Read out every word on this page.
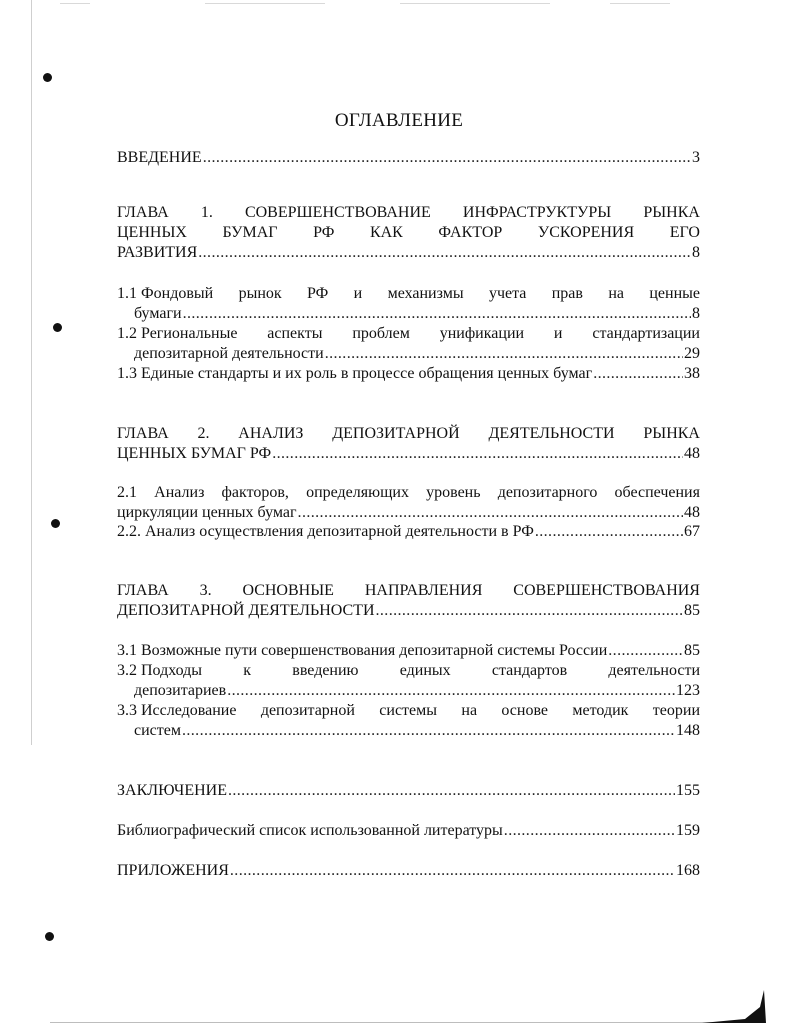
ОГЛАВЛЕНИЕ
ВВЕДЕНИЕ .....	3
ГЛАВА 1. СОВЕРШЕНСТВОВАНИЕ ИНФРАСТРУКТУРЫ РЫНКА
ЦЕННЫХ БУМАГ РФ КАК ФАКТОР УСКОРЕНИЯ ЕГО
РАЗВИТИЯ .....	8
1.1 Фондовый рынок РФ и механизмы учета прав на ценные
бумаги .....	8
1.2 Региональные аспекты проблем унификации и стандартизации
депозитарной деятельности .....	29
1.3 Единые стандарты и их роль в процессе обращения ценных бумаг .....	38
ГЛАВА 2. АНАЛИЗ ДЕПОЗИТАРНОЙ ДЕЯТЕЛЬНОСТИ РЫНКА
ЦЕННЫХ БУМАГ РФ .....	48
2.1 Анализ факторов, определяющих уровень депозитарного обеспечения
циркуляции ценных бумаг .....	48
2.2. Анализ осуществления депозитарной деятельности в РФ .....	67
ГЛАВА 3. ОСНОВНЫЕ НАПРАВЛЕНИЯ СОВЕРШЕНСТВОВАНИЯ
ДЕПОЗИТАРНОЙ ДЕЯТЕЛЬНОСТИ .....	85
3.1 Возможные пути совершенствования депозитарной системы России .....	85
3.2 Подходы	к	введению	единых	стандартов	деятельности
депозитариев .....	123
3.3 Исследование депозитарной системы на основе методик теории
систем .....	148
ЗАКЛЮЧЕНИЕ .....	155
Библиографический список использованной литературы .....	159
ПРИЛОЖЕНИЯ .....	168
